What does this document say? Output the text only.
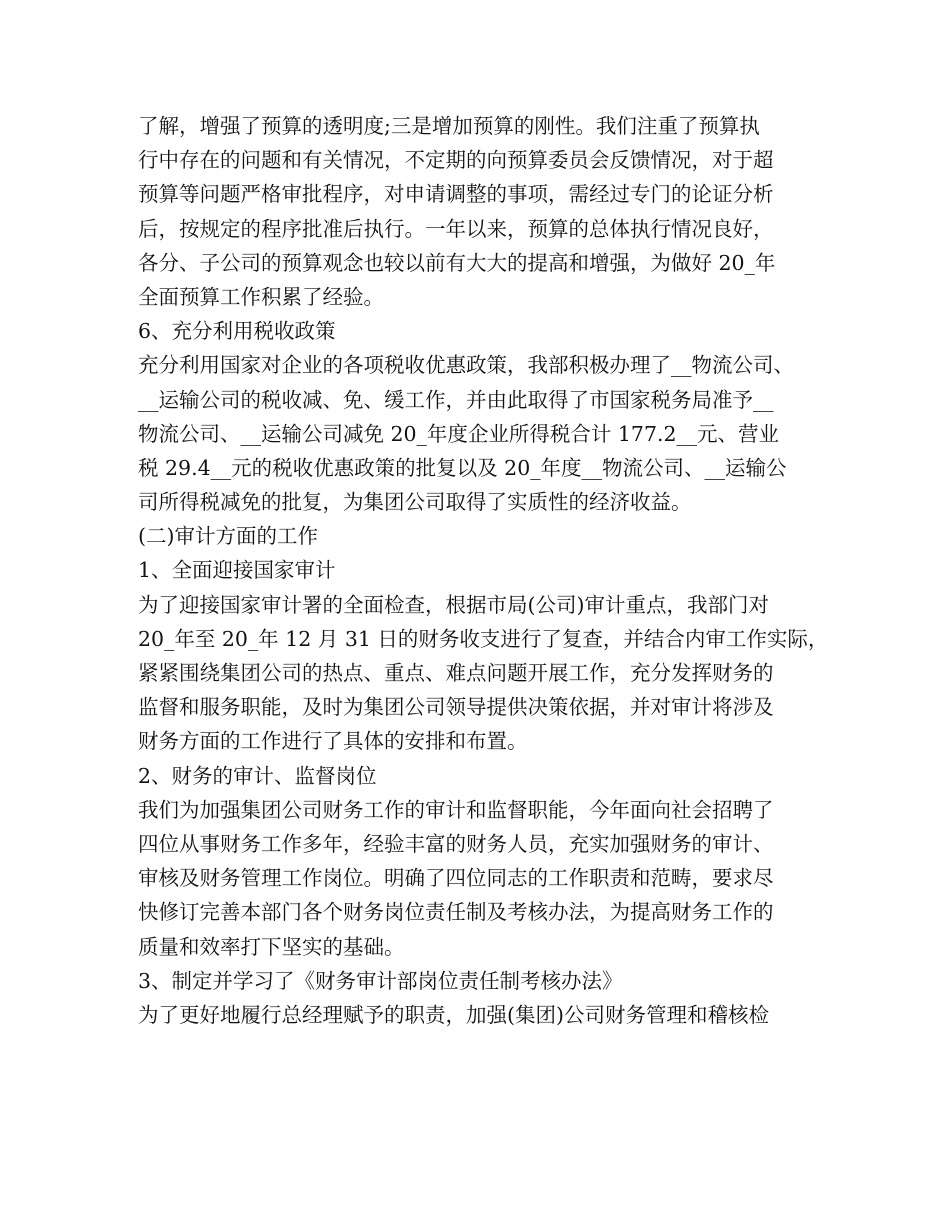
了解，增强了预算的透明度;三是增加预算的刚性。我们注重了预算执
行中存在的问题和有关情况，不定期的向预算委员会反馈情况，对于超
预算等问题严格审批程序，对申请调整的事项，需经过专门的论证分析
后，按规定的程序批准后执行。一年以来，预算的总体执行情况良好，
各分、子公司的预算观念也较以前有大大的提高和增强，为做好 20_年
全面预算工作积累了经验。
6、充分利用税收政策
充分利用国家对企业的各项税收优惠政策，我部积极办理了__物流公司、
__运输公司的税收减、免、缓工作，并由此取得了市国家税务局准予__
物流公司、__运输公司减免 20_年度企业所得税合计 177.2__元、营业
税 29.4__元的税收优惠政策的批复以及 20_年度__物流公司、__运输公
司所得税减免的批复，为集团公司取得了实质性的经济收益。
(二)审计方面的工作
1、全面迎接国家审计
为了迎接国家审计署的全面检查，根据市局(公司)审计重点，我部门对
20_年至 20_年 12 月 31 日的财务收支进行了复查，并结合内审工作实际，
紧紧围绕集团公司的热点、重点、难点问题开展工作，充分发挥财务的
监督和服务职能，及时为集团公司领导提供决策依据，并对审计将涉及
财务方面的工作进行了具体的安排和布置。
2、财务的审计、监督岗位
我们为加强集团公司财务工作的审计和监督职能，今年面向社会招聘了
四位从事财务工作多年，经验丰富的财务人员，充实加强财务的审计、
审核及财务管理工作岗位。明确了四位同志的工作职责和范畴，要求尽
快修订完善本部门各个财务岗位责任制及考核办法，为提高财务工作的
质量和效率打下坚实的基础。
3、制定并学习了《财务审计部岗位责任制考核办法》
为了更好地履行总经理赋予的职责，加强(集团)公司财务管理和稽核检
